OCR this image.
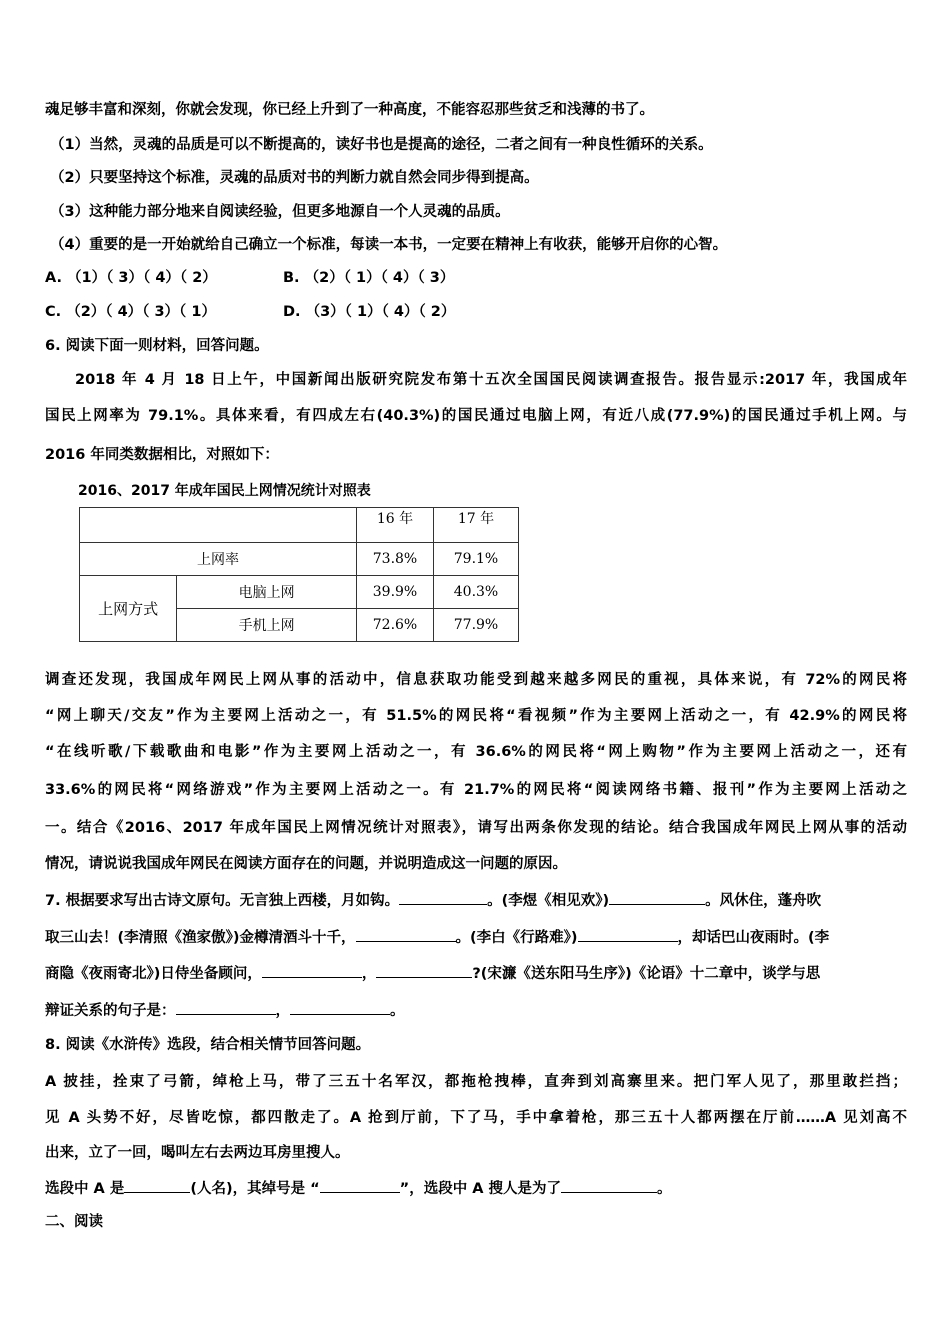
魂足够丰富和深刻，你就会发现，你已经上升到了一种高度，不能容忍那些贫乏和浅薄的书了。
（1）当然，灵魂的品质是可以不断提高的，读好书也是提高的途径，二者之间有一种良性循环的关系。
（2）只要坚持这个标准，灵魂的品质对书的判断力就自然会同步得到提高。
（3）这种能力部分地来自阅读经验，但更多地源自一个人灵魂的品质。
（4）重要的是一开始就给自己确立一个标准，每读一本书，一定要在精神上有收获，能够开启你的心智。
A. （1）（ 3）（ 4）（ 2）	B. （2）（ 1）（ 4）（ 3）
C. （2）（ 4）（ 3）（ 1）	D. （3）（ 1）（ 4）（ 2）
6. 阅读下面一则材料，回答问题。
2018 年 4 月 18 日上午，中国新闻出版研究院发布第十五次全国国民阅读调查报告。报告显示:2017 年，我国成年
国民上网率为 79.1%。具体来看，有四成左右(40.3%)的国民通过电脑上网，有近八成(77.9%)的国民通过手机上网。与
2016 年同类数据相比，对照如下：
2016、2017 年成年国民上网情况统计对照表
		16 年	17 年
上网率		73.8%	79.1%
上网方式	电脑上网	39.9%	40.3%
	手机上网	72.6%	77.9%
调查还发现，我国成年网民上网从事的活动中，信息获取功能受到越来越多网民的重视，具体来说，有 72%的网民将
“网上聊天/交友”作为主要网上活动之一，有 51.5%的网民将“看视频”作为主要网上活动之一，有 42.9%的网民将
“在线听歌/下载歌曲和电影”作为主要网上活动之一，有 36.6%的网民将“网上购物”作为主要网上活动之一，还有
33.6%的网民将“网络游戏”作为主要网上活动之一。有 21.7%的网民将“阅读网络书籍、报刊”作为主要网上活动之
一。结合《2016、2017 年成年国民上网情况统计对照表》，请写出两条你发现的结论。结合我国成年网民上网从事的活动
情况，请说说我国成年网民在阅读方面存在的问题，并说明造成这一问题的原因。
7. 根据要求写出古诗文原句。无言独上西楼，月如钩。	。(李煜《相见欢》)	。风休住，蓬舟吹
取三山去！(李清照《渔家傲》)金樽清酒斗十千，	。(李白《行路难》)	，却话巴山夜雨时。(李
商隐《夜雨寄北》)日侍坐备顾问，	，	?(宋濂《送东阳马生序》)《论语》十二章中，谈学与思
辩证关系的句子是：	，	。
8. 阅读《水浒传》选段，结合相关情节回答问题。
A 披挂，拴束了弓箭，绰枪上马，带了三五十名军汉，都拖枪拽棒，直奔到刘高寨里来。把门军人见了，那里敢拦挡；
见 A 头势不好，尽皆吃惊，都四散走了。A 抢到厅前，下了马，手中拿着枪，那三五十人都两摆在厅前……A 见刘高不
出来，立了一回，喝叫左右去两边耳房里搜人。
选段中 A 是	(人名)，其绰号是 “	”，选段中 A 搜人是为了	。
二、阅读
